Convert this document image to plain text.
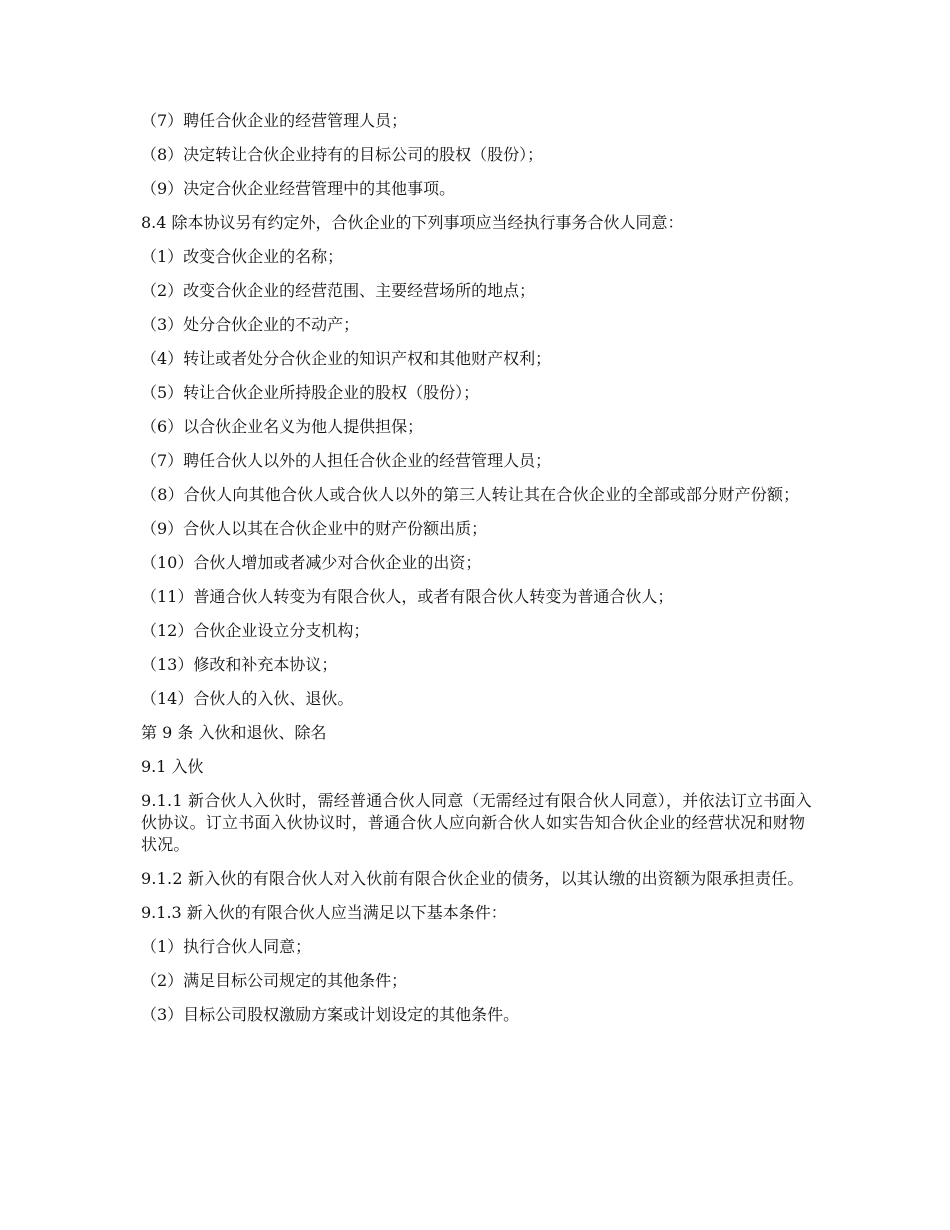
（7）聘任合伙企业的经营管理人员；

（8）决定转让合伙企业持有的目标公司的股权（股份）；

（9）决定合伙企业经营管理中的其他事项。

8.4 除本协议另有约定外，合伙企业的下列事项应当经执行事务合伙人同意：

（1）改变合伙企业的名称；

（2）改变合伙企业的经营范围、主要经营场所的地点；

（3）处分合伙企业的不动产；

（4）转让或者处分合伙企业的知识产权和其他财产权利；

（5）转让合伙企业所持股企业的股权（股份）；

（6）以合伙企业名义为他人提供担保；

（7）聘任合伙人以外的人担任合伙企业的经营管理人员；

（8）合伙人向其他合伙人或合伙人以外的第三人转让其在合伙企业的全部或部分财产份额；

（9）合伙人以其在合伙企业中的财产份额出质；

（10）合伙人增加或者减少对合伙企业的出资；

（11）普通合伙人转变为有限合伙人，或者有限合伙人转变为普通合伙人；

（12）合伙企业设立分支机构；

（13）修改和补充本协议；

（14）合伙人的入伙、退伙。

第 9 条 入伙和退伙、除名

9.1 入伙

9.1.1 新合伙人入伙时，需经普通合伙人同意（无需经过有限合伙人同意），并依法订立书面入伙协议。订立书面入伙协议时，普通合伙人应向新合伙人如实告知合伙企业的经营状况和财物状况。

9.1.2 新入伙的有限合伙人对入伙前有限合伙企业的债务，以其认缴的出资额为限承担责任。

9.1.3 新入伙的有限合伙人应当满足以下基本条件：

（1）执行合伙人同意；

（2）满足目标公司规定的其他条件；

（3）目标公司股权激励方案或计划设定的其他条件。
